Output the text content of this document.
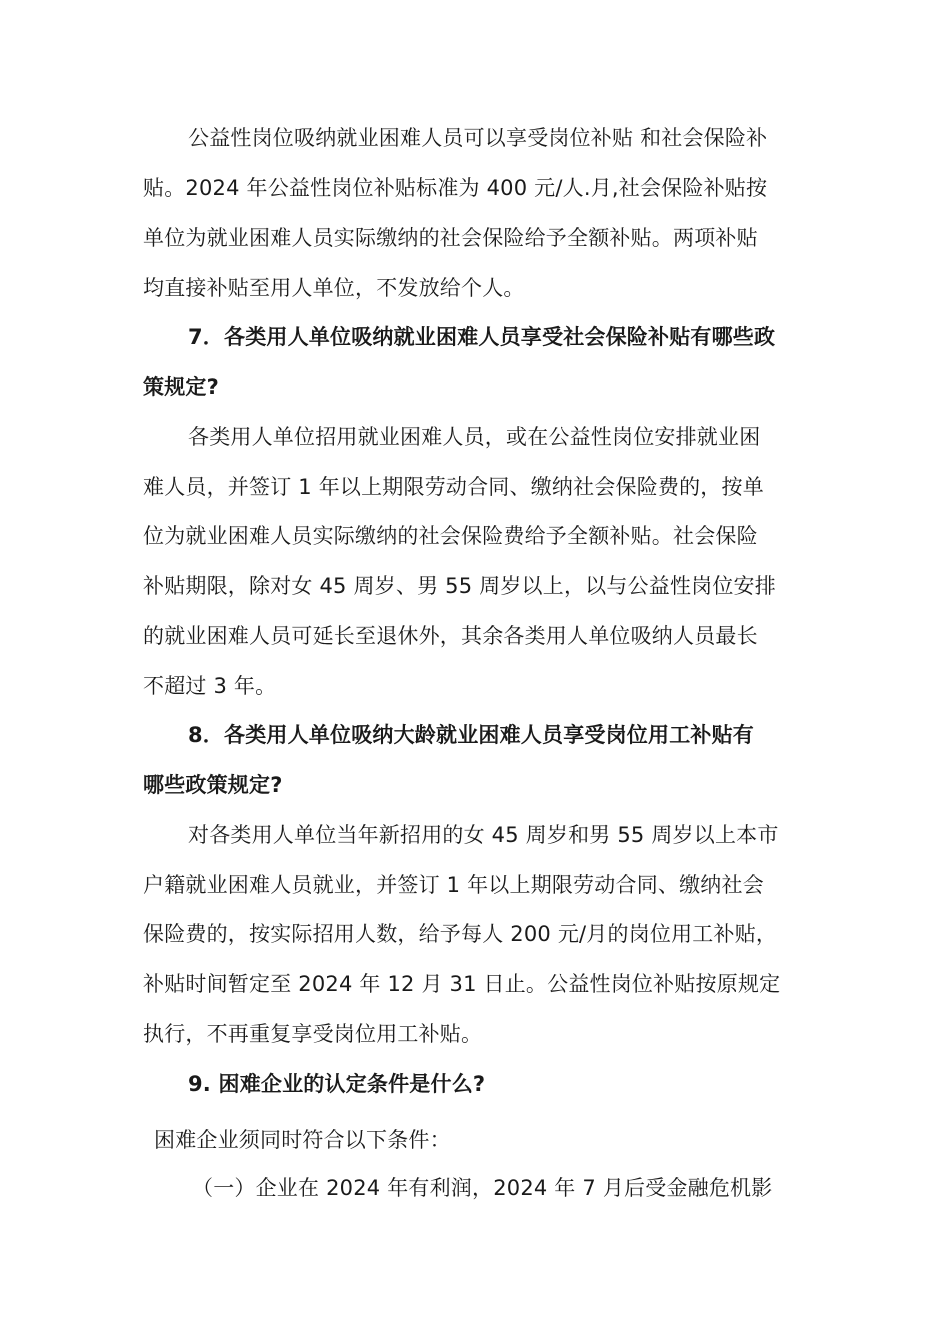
公益性岗位吸纳就业困难人员可以享受岗位补贴 和社会保险补
贴。2024 年公益性岗位补贴标准为 400 元/人.月,社会保险补贴按
单位为就业困难人员实际缴纳的社会保险给予全额补贴。两项补贴
均直接补贴至用人单位，不发放给个人。
7．各类用人单位吸纳就业困难人员享受社会保险补贴有哪些政
策规定?
各类用人单位招用就业困难人员，或在公益性岗位安排就业困
难人员，并签订 1 年以上期限劳动合同、缴纳社会保险费的，按单
位为就业困难人员实际缴纳的社会保险费给予全额补贴。社会保险
补贴期限，除对女 45 周岁、男 55 周岁以上，以与公益性岗位安排
的就业困难人员可延长至退休外，其余各类用人单位吸纳人员最长
不超过 3 年。
8．各类用人单位吸纳大龄就业困难人员享受岗位用工补贴有
哪些政策规定?
对各类用人单位当年新招用的女 45 周岁和男 55 周岁以上本市
户籍就业困难人员就业，并签订 1 年以上期限劳动合同、缴纳社会
保险费的，按实际招用人数，给予每人 200 元/月的岗位用工补贴，
补贴时间暂定至 2024 年 12 月 31 日止。公益性岗位补贴按原规定
执行，不再重复享受岗位用工补贴。
9. 困难企业的认定条件是什么?
困难企业须同时符合以下条件：
（一）企业在 2024 年有利润，2024 年 7 月后受金融危机影
